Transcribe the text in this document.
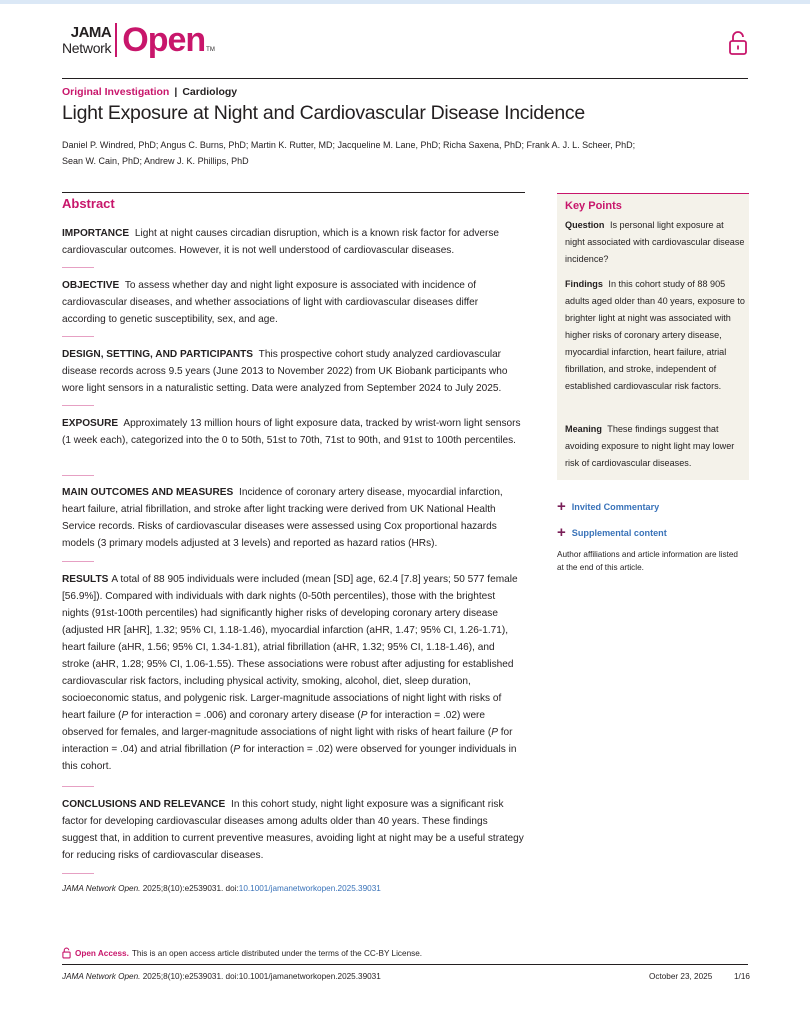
JAMA
Network Open TM
Original Investigation | Cardiology
Light Exposure at Night and Cardiovascular Disease Incidence
Daniel P. Windred, PhD; Angus C. Burns, PhD; Martin K. Rutter, MD; Jacqueline M. Lane, PhD; Richa Saxena, PhD; Frank A. J. L. Scheer, PhD;
Sean W. Cain, PhD; Andrew J. K. Phillips, PhD
Abstract
IMPORTANCE Light at night causes circadian disruption, which is a known risk factor for adverse cardiovascular outcomes. However, it is not well understood of cardiovascular diseases.
OBJECTIVE To assess whether day and night light exposure is associated with incidence of cardiovascular diseases, and whether associations of light with cardiovascular diseases differ according to genetic susceptibility, sex, and age.
DESIGN, SETTING, AND PARTICIPANTS This prospective cohort study analyzed cardiovascular disease records across 9.5 years (June 2013 to November 2022) from UK Biobank participants who wore light sensors in a naturalistic setting. Data were analyzed from September 2024 to July 2025.
EXPOSURE Approximately 13 million hours of light exposure data, tracked by wrist-worn light sensors (1 week each), categorized into the 0 to 50th, 51st to 70th, 71st to 90th, and 91st to 100th percentiles.
MAIN OUTCOMES AND MEASURES Incidence of coronary artery disease, myocardial infarction, heart failure, atrial fibrillation, and stroke after light tracking were derived from UK National Health Service records. Risks of cardiovascular diseases were assessed using Cox proportional hazards models (3 primary models adjusted at 3 levels) and reported as hazard ratios (HRs).
RESULTS A total of 88 905 individuals were included (mean [SD] age, 62.4 [7.8] years; 50 577 female [56.9%]). Compared with individuals with dark nights (0-50th percentiles), those with the brightest nights (91st-100th percentiles) had significantly higher risks of developing coronary artery disease (adjusted HR [aHR], 1.32; 95% CI, 1.18-1.46), myocardial infarction (aHR, 1.47; 95% CI, 1.26-1.71), heart failure (aHR, 1.56; 95% CI, 1.34-1.81), atrial fibrillation (aHR, 1.32; 95% CI, 1.18-1.46), and stroke (aHR, 1.28; 95% CI, 1.06-1.55). These associations were robust after adjusting for established cardiovascular risk factors, including physical activity, smoking, alcohol, diet, sleep duration, socioeconomic status, and polygenic risk. Larger-magnitude associations of night light with risks of heart failure (P for interaction = .006) and coronary artery disease (P for interaction = .02) were observed for females, and larger-magnitude associations of night light with risks of heart failure (P for interaction = .04) and atrial fibrillation (P for interaction = .02) were observed for younger individuals in this cohort.
CONCLUSIONS AND RELEVANCE In this cohort study, night light exposure was a significant risk factor for developing cardiovascular diseases among adults older than 40 years. These findings suggest that, in addition to current preventive measures, avoiding light at night may be a useful strategy for reducing risks of cardiovascular diseases.
JAMA Network Open. 2025;8(10):e2539031. doi:10.1001/jamanetworkopen.2025.39031
Key Points
Question Is personal light exposure at night associated with cardiovascular disease incidence?
Findings In this cohort study of 88 905 adults aged older than 40 years, exposure to brighter light at night was associated with higher risks of coronary artery disease, myocardial infarction, heart failure, atrial fibrillation, and stroke, independent of established cardiovascular risk factors.
Meaning These findings suggest that avoiding exposure to night light may lower risk of cardiovascular diseases.
+ Invited Commentary
+ Supplemental content
Author affiliations and article information are listed at the end of this article.
Open Access. This is an open access article distributed under the terms of the CC-BY License.
JAMA Network Open. 2025;8(10):e2539031. doi:10.1001/jamanetworkopen.2025.39031	October 23, 2025	1/16
